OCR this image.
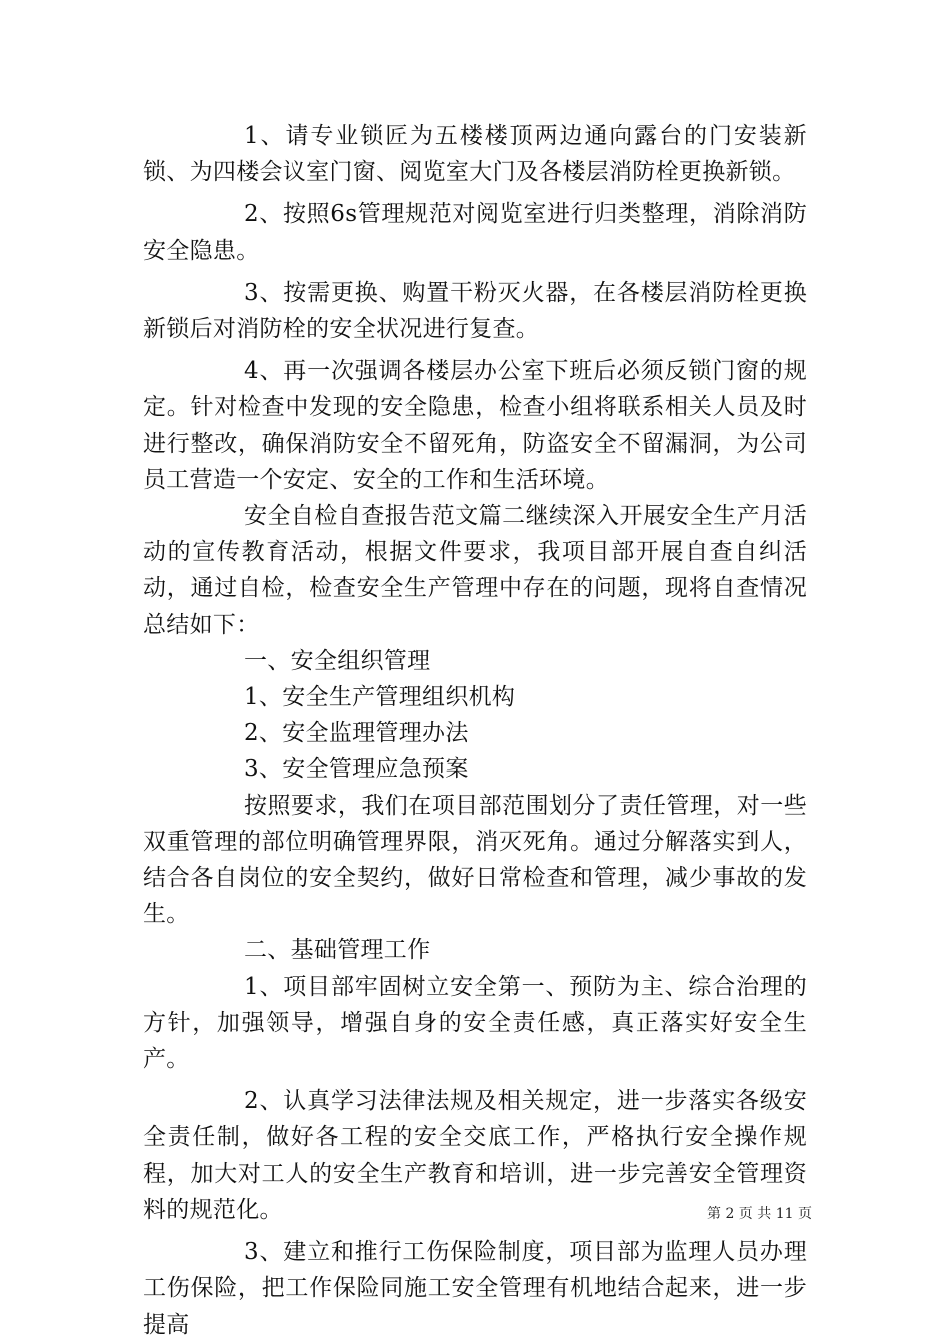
1、请专业锁匠为五楼楼顶两边通向露台的门安装新锁、为四楼会议室门窗、阅览室大门及各楼层消防栓更换新锁。

2、按照6s管理规范对阅览室进行归类整理，消除消防安全隐患。

3、按需更换、购置干粉灭火器，在各楼层消防栓更换新锁后对消防栓的安全状况进行复查。

4、再一次强调各楼层办公室下班后必须反锁门窗的规定。针对检查中发现的安全隐患，检查小组将联系相关人员及时进行整改，确保消防安全不留死角，防盗安全不留漏洞，为公司员工营造一个安定、安全的工作和生活环境。

安全自检自查报告范文篇二继续深入开展安全生产月活动的宣传教育活动，根据文件要求，我项目部开展自查自纠活动，通过自检，检查安全生产管理中存在的问题，现将自查情况总结如下：

一、安全组织管理

1、安全生产管理组织机构

2、安全监理管理办法

3、安全管理应急预案

按照要求，我们在项目部范围划分了责任管理，对一些双重管理的部位明确管理界限，消灭死角。通过分解落实到人，结合各自岗位的安全契约，做好日常检查和管理，减少事故的发生。

二、基础管理工作

1、项目部牢固树立安全第一、预防为主、综合治理的方针，加强领导，增强自身的安全责任感，真正落实好安全生产。

2、认真学习法律法规及相关规定，进一步落实各级安全责任制，做好各工程的安全交底工作，严格执行安全操作规程，加大对工人的安全生产教育和培训，进一步完善安全管理资料的规范化。

3、建立和推行工伤保险制度，项目部为监理人员办理工伤保险，把工作保险同施工安全管理有机地结合起来，进一步提高

第 2 页 共 11 页
